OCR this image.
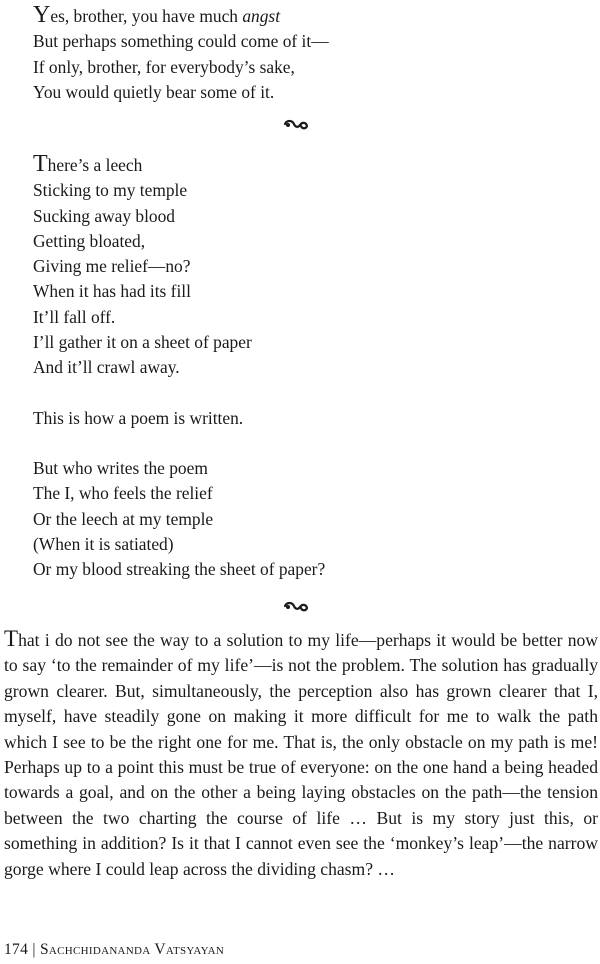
Yes, brother, you have much angst
But perhaps something could come of it—
If only, brother, for everybody’s sake,
You would quietly bear some of it.
There’s a leech
Sticking to my temple
Sucking away blood
Getting bloated,
Giving me relief—no?
When it has had its fill
It’ll fall off.
I’ll gather it on a sheet of paper
And it’ll crawl away.
This is how a poem is written.
But who writes the poem
The I, who feels the relief
Or the leech at my temple
(When it is satiated)
Or my blood streaking the sheet of paper?
That i do not see the way to a solution to my life—perhaps it would be better now to say ‘to the remainder of my life’—is not the problem. The solution has gradually grown clearer. But, simultaneously, the perception also has grown clearer that I, myself, have steadily gone on making it more difficult for me to walk the path which I see to be the right one for me. That is, the only obstacle on my path is me! Perhaps up to a point this must be true of everyone: on the one hand a being headed towards a goal, and on the other a being laying obstacles on the path—the tension between the two charting the course of life … But is my story just this, or something in addition? Is it that I cannot even see the ‘monkey’s leap’—the narrow gorge where I could leap across the dividing chasm? …
174 | Sachchidananda Vatsyayan
